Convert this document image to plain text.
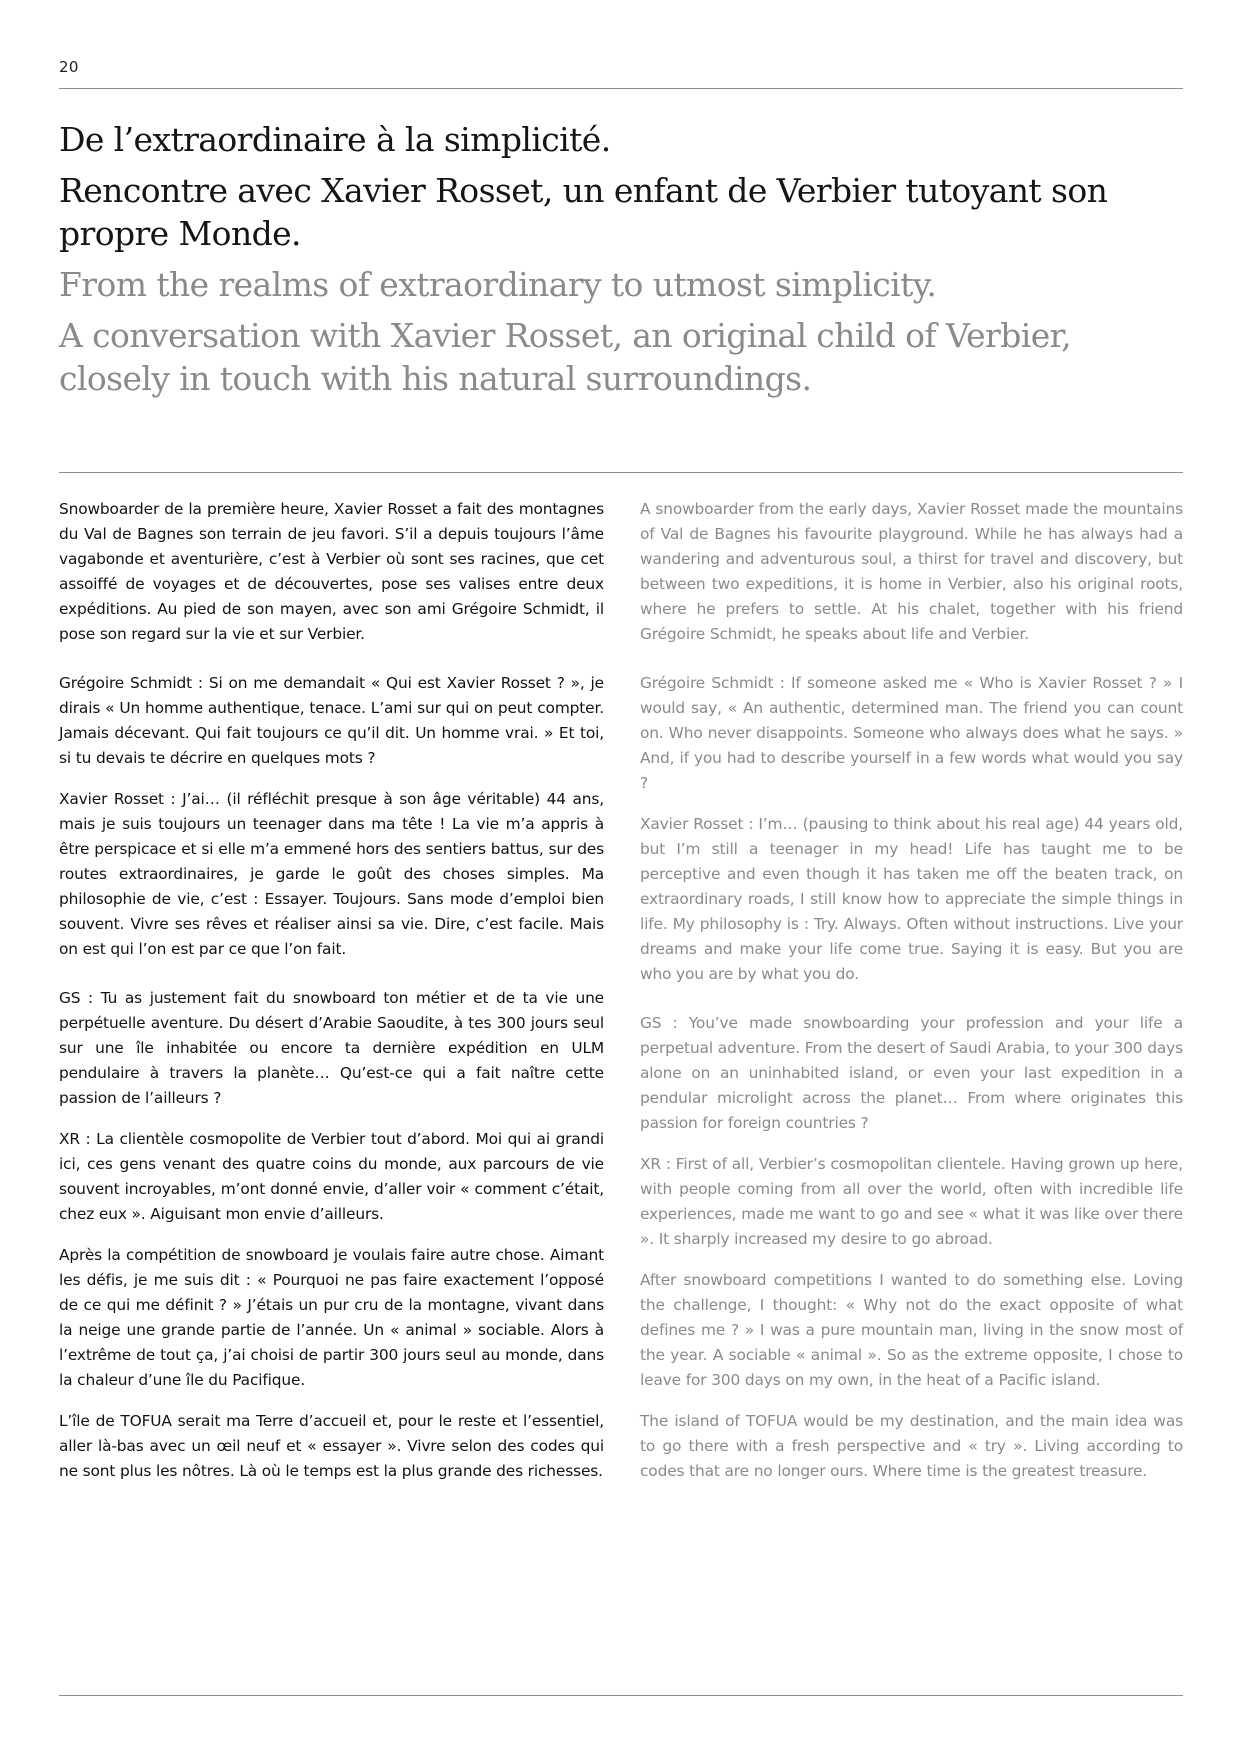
20
De l’extraordinaire à la simplicité.
Rencontre avec Xavier Rosset, un enfant de Verbier tutoyant son propre Monde.
From the realms of extraordinary to utmost simplicity.
A conversation with Xavier Rosset, an original child of Verbier, closely in touch with his natural surroundings.

Snowboarder de la première heure, Xavier Rosset a fait des montagnes du Val de Bagnes son terrain de jeu favori. S’il a depuis toujours l’âme vagabonde et aventurière, c’est à Verbier où sont ses racines, que cet assoiffé de voyages et de découvertes, pose ses valises entre deux expéditions. Au pied de son mayen, avec son ami Grégoire Schmidt, il pose son regard sur la vie et sur Verbier.

Grégoire Schmidt : Si on me demandait « Qui est Xavier Rosset ? », je dirais « Un homme authentique, tenace. L’ami sur qui on peut compter. Jamais décevant. Qui fait toujours ce qu’il dit. Un homme vrai. » Et toi, si tu devais te décrire en quelques mots ?

Xavier Rosset : J’ai… (il réfléchit presque à son âge véritable) 44 ans, mais je suis toujours un teenager dans ma tête ! La vie m’a appris à être perspicace et si elle m’a emmené hors des sentiers battus, sur des routes extraordinaires, je garde le goût des choses simples. Ma philosophie de vie, c’est : Essayer. Toujours. Sans mode d’emploi bien souvent. Vivre ses rêves et réaliser ainsi sa vie. Dire, c’est facile. Mais on est qui l’on est par ce que l’on fait.

GS : Tu as justement fait du snowboard ton métier et de ta vie une perpétuelle aventure. Du désert d’Arabie Saoudite, à tes 300 jours seul sur une île inhabitée ou encore ta dernière expédition en ULM pendulaire à travers la planète… Qu’est-ce qui a fait naître cette passion de l’ailleurs ?

XR : La clientèle cosmopolite de Verbier tout d’abord. Moi qui ai grandi ici, ces gens venant des quatre coins du monde, aux parcours de vie souvent incroyables, m’ont donné envie, d’aller voir « comment c’était, chez eux ». Aiguisant mon envie d’ailleurs.

Après la compétition de snowboard je voulais faire autre chose. Aimant les défis, je me suis dit : « Pourquoi ne pas faire exactement l’opposé de ce qui me définit ? » J’étais un pur cru de la montagne, vivant dans la neige une grande partie de l’année. Un « animal » sociable. Alors à l’extrême de tout ça, j’ai choisi de partir 300 jours seul au monde, dans la chaleur d’une île du Pacifique.

L’île de TOFUA serait ma Terre d’accueil et, pour le reste et l’essentiel, aller là-bas avec un œil neuf et « essayer ». Vivre selon des codes qui ne sont plus les nôtres. Là où le temps est la plus grande des richesses.

A snowboarder from the early days, Xavier Rosset made the mountains of Val de Bagnes his favourite playground. While he has always had a wandering and adventurous soul, a thirst for travel and discovery, but between two expeditions, it is home in Verbier, also his original roots, where he prefers to settle. At his chalet, together with his friend Grégoire Schmidt, he speaks about life and Verbier.

Grégoire Schmidt : If someone asked me « Who is Xavier Rosset ? » I would say, « An authentic, determined man. The friend you can count on. Who never disappoints. Someone who always does what he says. » And, if you had to describe yourself in a few words what would you say ?

Xavier Rosset : I’m… (pausing to think about his real age) 44 years old, but I’m still a teenager in my head! Life has taught me to be perceptive and even though it has taken me off the beaten track, on extraordinary roads, I still know how to appreciate the simple things in life. My philosophy is : Try. Always. Often without instructions. Live your dreams and make your life come true. Saying it is easy. But you are who you are by what you do.

GS : You’ve made snowboarding your profession and your life a perpetual adventure. From the desert of Saudi Arabia, to your 300 days alone on an uninhabited island, or even your last expedition in a pendular microlight across the planet… From where originates this passion for foreign countries ?

XR : First of all, Verbier’s cosmopolitan clientele. Having grown up here, with people coming from all over the world, often with incredible life experiences, made me want to go and see « what it was like over there ». It sharply increased my desire to go abroad.

After snowboard competitions I wanted to do something else. Loving the challenge, I thought: « Why not do the exact opposite of what defines me ? » I was a pure mountain man, living in the snow most of the year. A sociable « animal ». So as the extreme opposite, I chose to leave for 300 days on my own, in the heat of a Pacific island.

The island of TOFUA would be my destination, and the main idea was to go there with a fresh perspective and « try ». Living according to codes that are no longer ours. Where time is the greatest treasure.
